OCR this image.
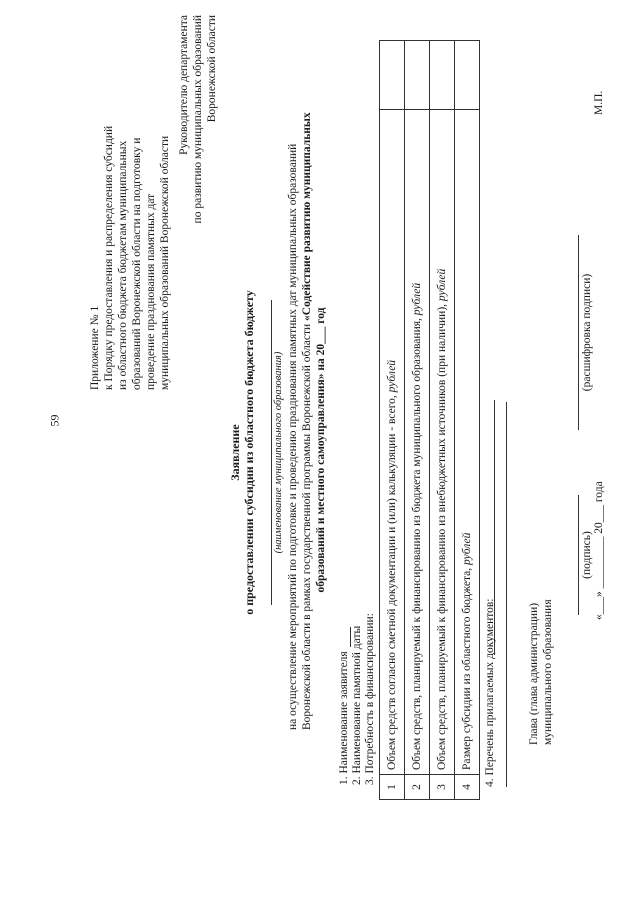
59
Приложение № 1 к Порядку предоставления и распределения субсидий из областного бюджета бюджетам муниципальных образований Воронежской области на подготовку и проведение празднования памятных дат муниципальных образований Воронежской области
Руководителю департамента по развитию муниципальных образований Воронежской области
Заявление о предоставлении субсидии из областного бюджета бюджету (наименование муниципального образования) на осуществление мероприятий по подготовке и проведению празднования памятных дат муниципальных образований Воронежской области в рамках государственной программы Воронежской области «Содействие развитию муниципальных
образований и местного самоуправления» на 20___ год
1. Наименование заявителя 2. Наименование памятной даты 3. Потребность в финансировании:
1	Объем средств согласно сметной документации и (или) калькуляции - всего, рублей	
2	Объем средств, планируемый к финансированию из бюджета муниципального образования, рублей	
3	Объем средств, планируемый к финансированию из внебюджетных источников (при наличии), рублей	
4	Размер субсидии из областного бюджета, рублей	
4. Перечень прилагаемых документов:	Глава (глава администрации) муниципального образования
(подпись)
(расшифровка подписи)
«___» _________ 20___ года
М.П.
